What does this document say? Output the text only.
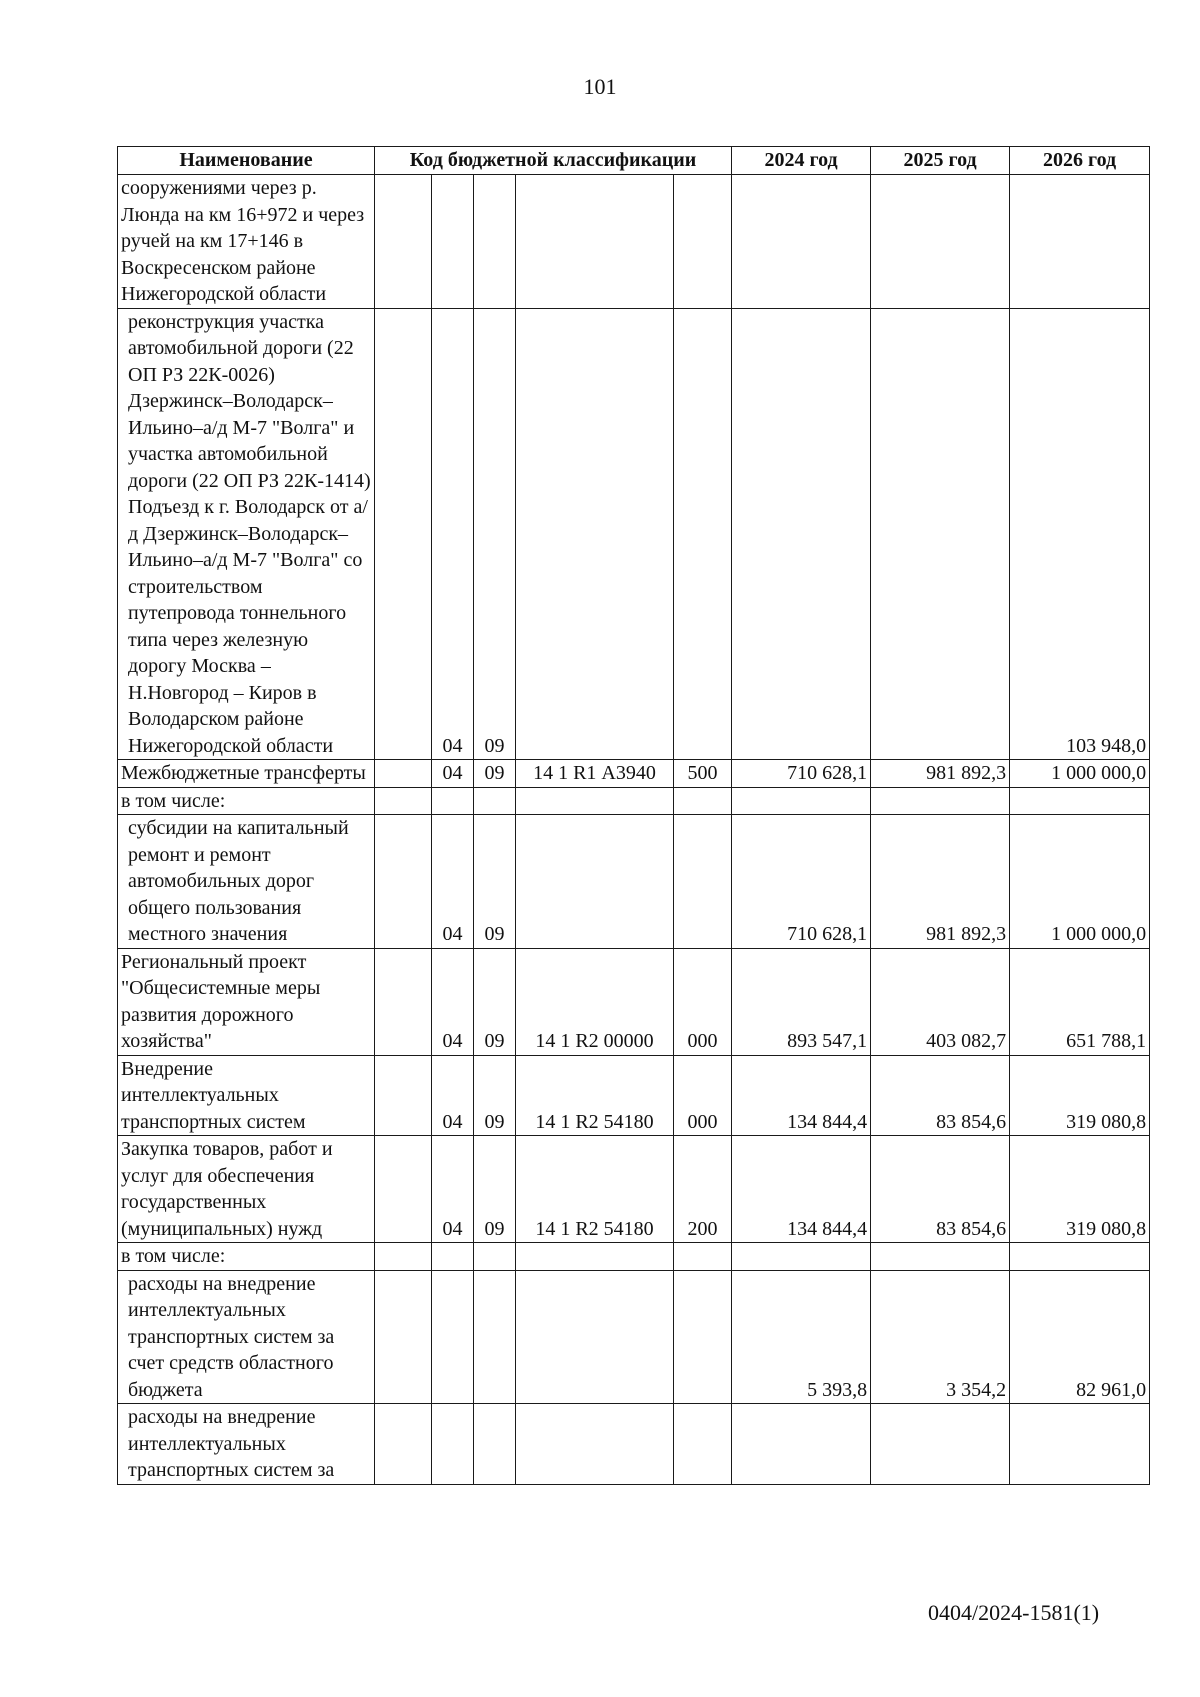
101
Наименование	Код бюджетной классификации					2024 год	2025 год	2026 год
сооружениями через р. Люнда на км 16+972 и через ручей на км 17+146 в Воскресенском районе Нижегородской области								
реконструкция участка автомобильной дороги (22 ОП РЗ 22К-0026) Дзержинск–Володарск–Ильино–а/д М-7 "Волга" и участка автомобильной дороги (22 ОП РЗ 22К-1414) Подъезд к г. Володарск от а/д Дзержинск–Володарск–Ильино–а/д М-7 "Волга" со строительством путепровода тоннельного типа через железную дорогу Москва – Н.Новгород – Киров в Володарском районе Нижегородской области		04	09					103 948,0
Межбюджетные трансферты		04	09	14 1 R1 А3940	500	710 628,1	981 892,3	1 000 000,0
в том числе:								
субсидии на капитальный ремонт и ремонт автомобильных дорог общего пользования местного значения		04	09			710 628,1	981 892,3	1 000 000,0
Региональный проект "Общесистемные меры развития дорожного хозяйства"		04	09	14 1 R2 00000	000	893 547,1	403 082,7	651 788,1
Внедрение интеллектуальных транспортных систем		04	09	14 1 R2 54180	000	134 844,4	83 854,6	319 080,8
Закупка товаров, работ и услуг для обеспечения государственных (муниципальных) нужд		04	09	14 1 R2 54180	200	134 844,4	83 854,6	319 080,8
в том числе:								
расходы на внедрение интеллектуальных транспортных систем за счет средств областного бюджета						5 393,8	3 354,2	82 961,0
расходы на внедрение интеллектуальных транспортных систем за								
0404/2024-1581(1)
